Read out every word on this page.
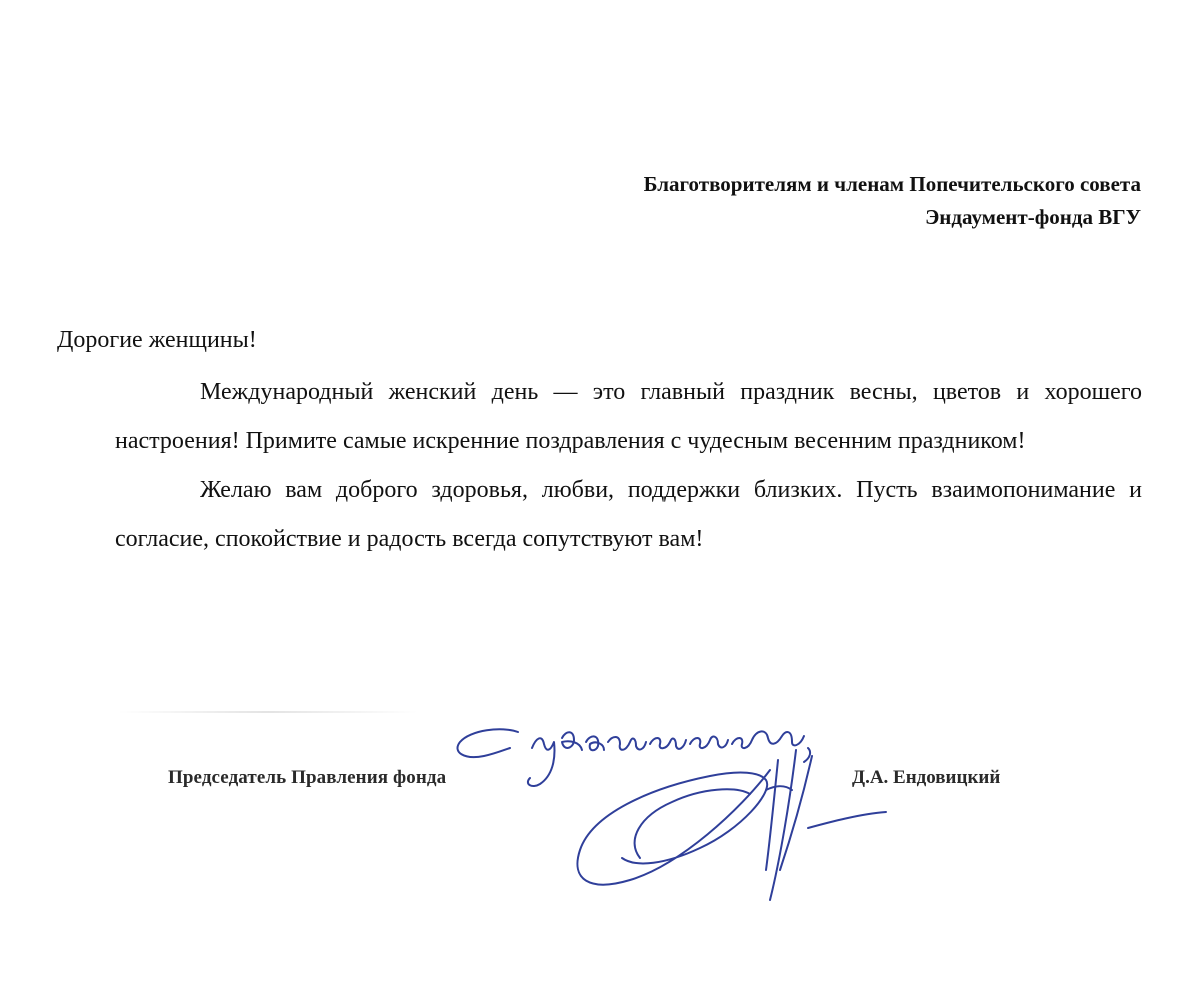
Благотворителям и членам Попечительского совета
Эндаумент-фонда ВГУ
Дорогие женщины!

Международный женский день — это главный праздник весны, цветов и хорошего настроения! Примите самые искренние поздравления с чудесным весенним праздником!

Желаю вам доброго здоровья, любви, поддержки близких. Пусть взаимопонимание и согласие, спокойствие и радость всегда сопутствуют вам!

Председатель Правления фонда	Д.А. Ендовицкий
